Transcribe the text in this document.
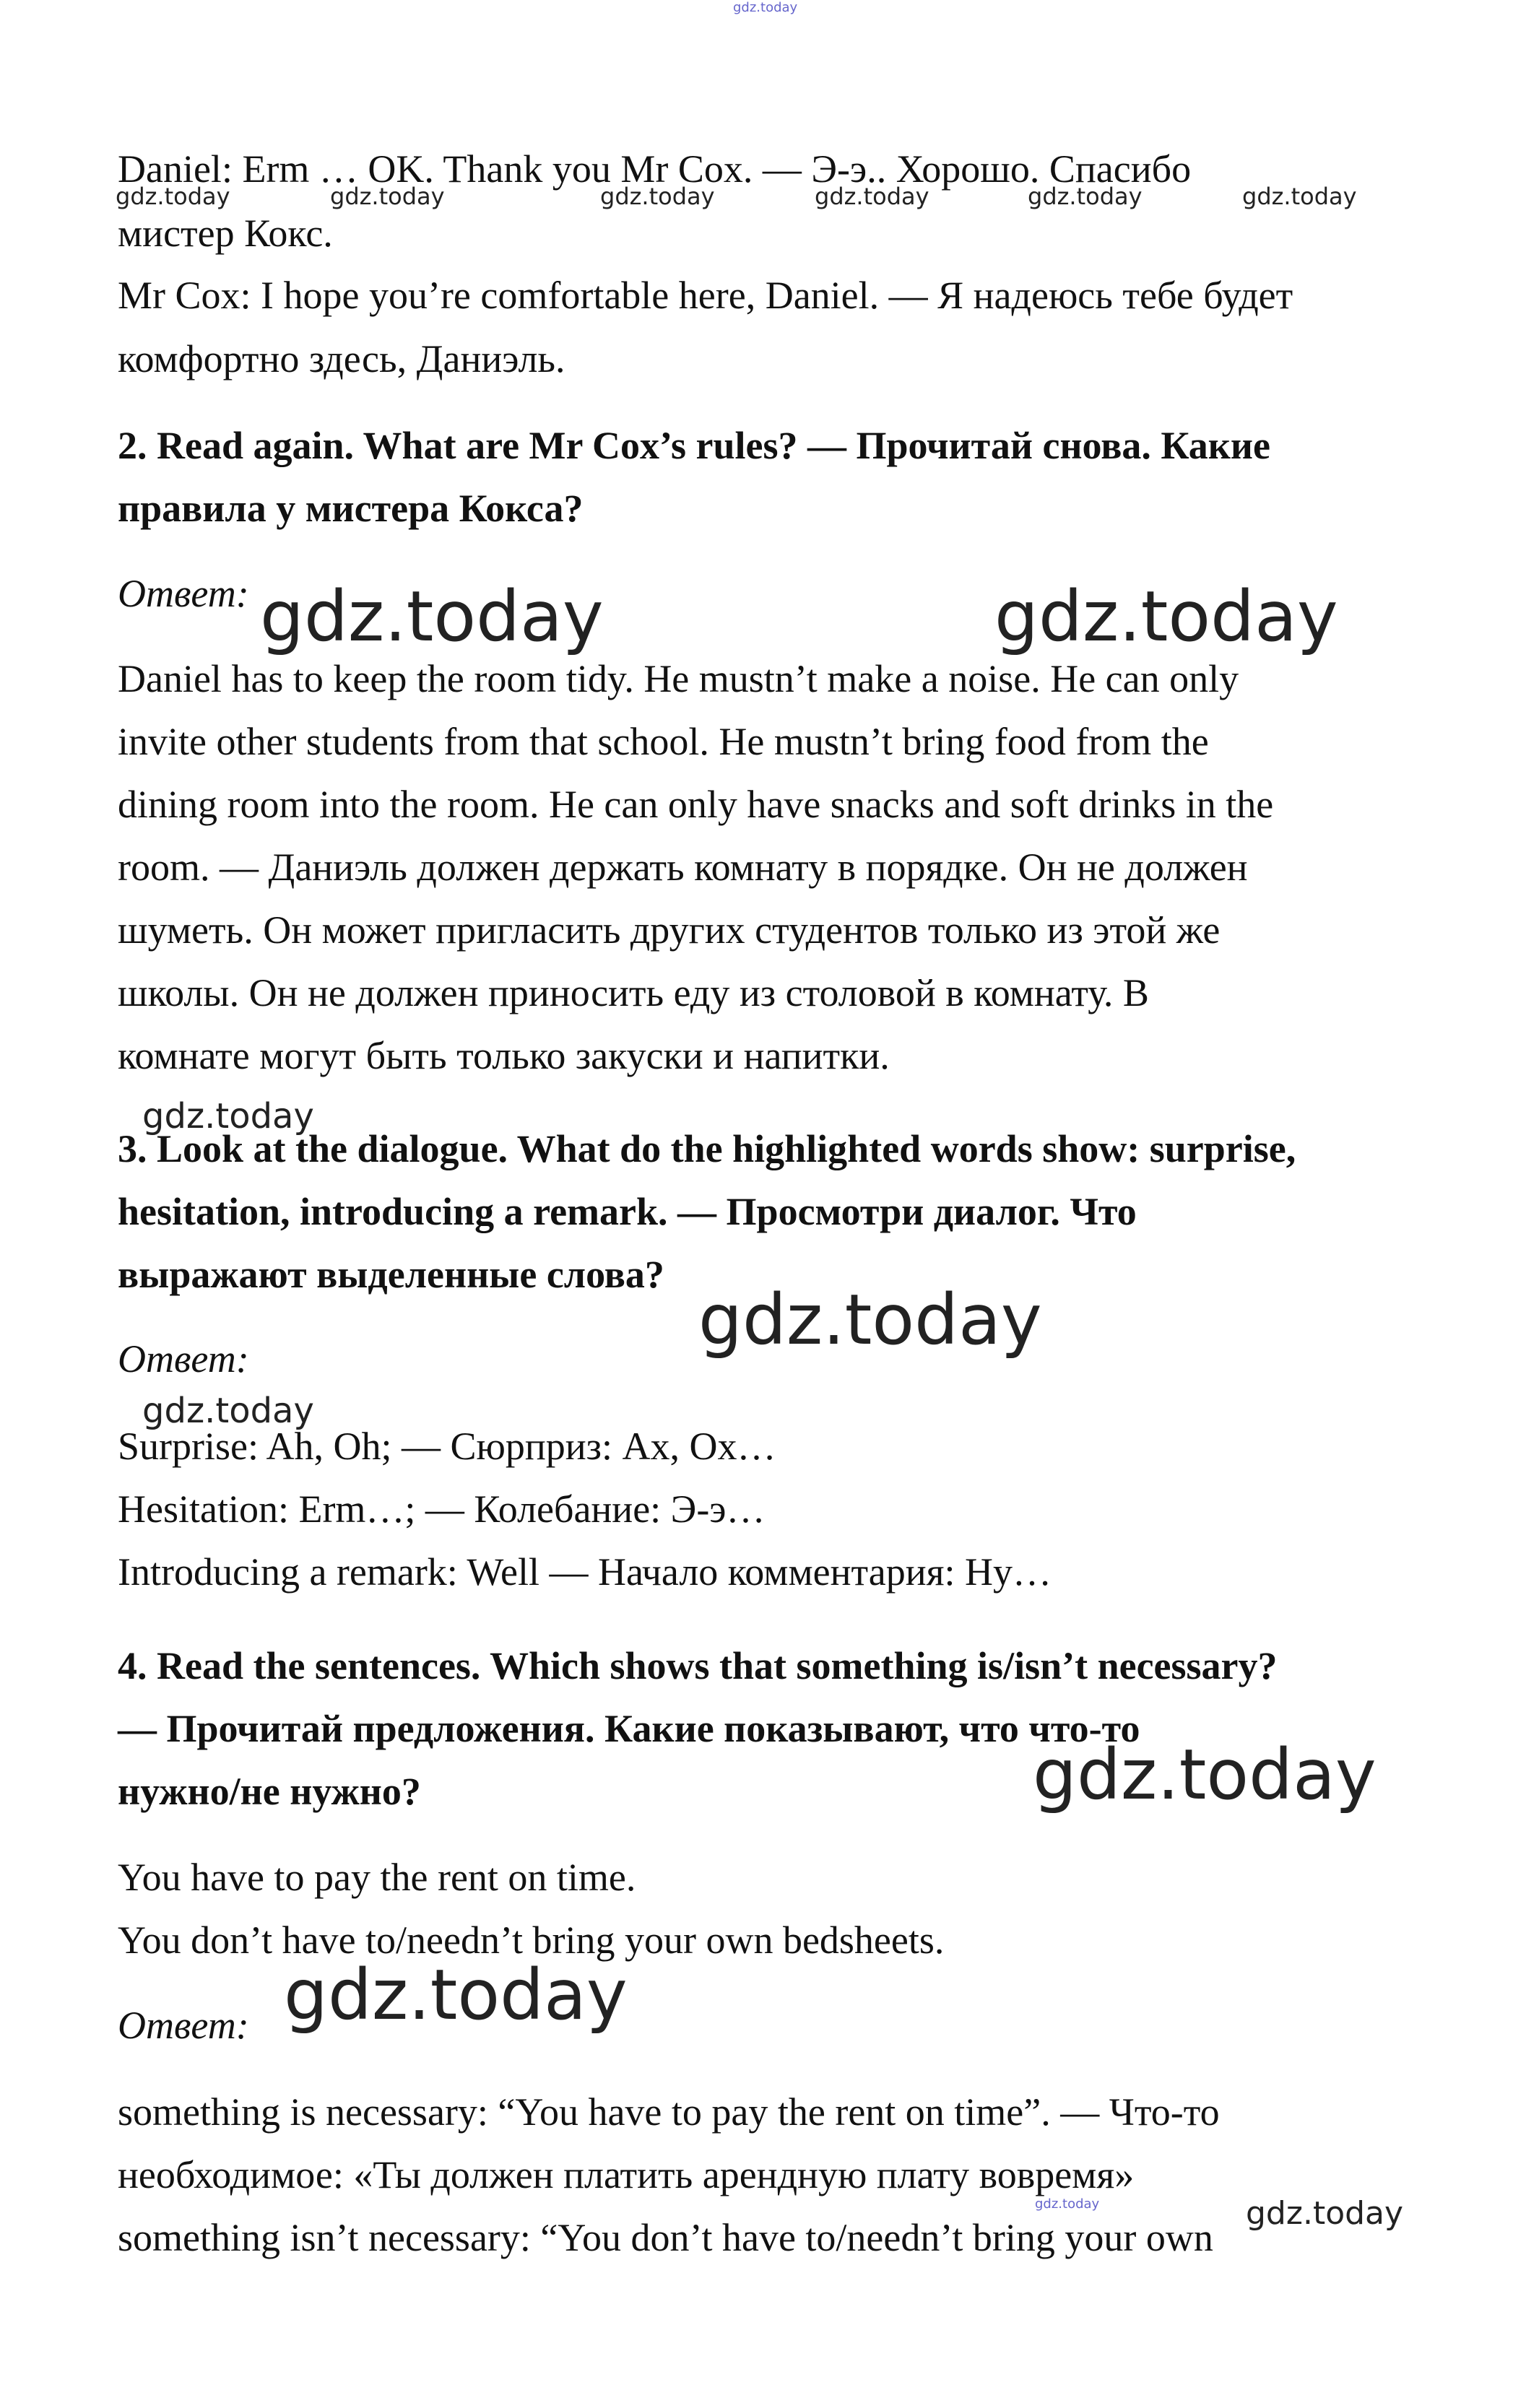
gdz.today
Daniel: Erm … OK. Thank you Mr Cox. — Э-э.. Хорошо. Спасибо
мистер Кокс.
Mr Cox: I hope you’re comfortable here, Daniel. — Я надеюсь тебе будет
комфортно здесь, Даниэль.
gdz.today	gdz.today	gdz.today	gdz.today	gdz.today	gdz.today
2. Read again. What are Mr Cox’s rules? — Прочитай снова. Какие
правила у мистера Кокса?
Ответ: gdz.today	gdz.today
Daniel has to keep the room tidy. He mustn’t make a noise. He can only
invite other students from that school. He mustn’t bring food from the
dining room into the room. He can only have snacks and soft drinks in the
room. — Даниэль должен держать комнату в порядке. Он не должен
шуметь. Он может пригласить других студентов только из этой же
школы. Он не должен приносить еду из столовой в комнату. В
комнате могут быть только закуски и напитки.
gdz.today
3. Look at the dialogue. What do the highlighted words show: surprise,
hesitation, introducing a remark. — Просмотри диалог. Что
выражают выделенные слова?
gdz.today
Ответ:
gdz.today
Surprise: Ah, Oh; — Сюрприз: Ах, Ох…
Hesitation: Erm…; — Колебание: Э-э…
Introducing a remark: Well — Начало комментария: Ну…
4. Read the sentences. Which shows that something is/isn’t necessary?
— Прочитай предложения. Какие показывают, что что-то
нужно/не нужно?	gdz.today
You have to pay the rent on time.
You don’t have to/needn’t bring your own bedsheets.
gdz.today
Ответ:
something is necessary: “You have to pay the rent on time”. — Что-то
необходимое: «Ты должен платить арендную плату вовремя»
gdz.today	gdz.today
something isn’t necessary: “You don’t have to/needn’t bring your own
